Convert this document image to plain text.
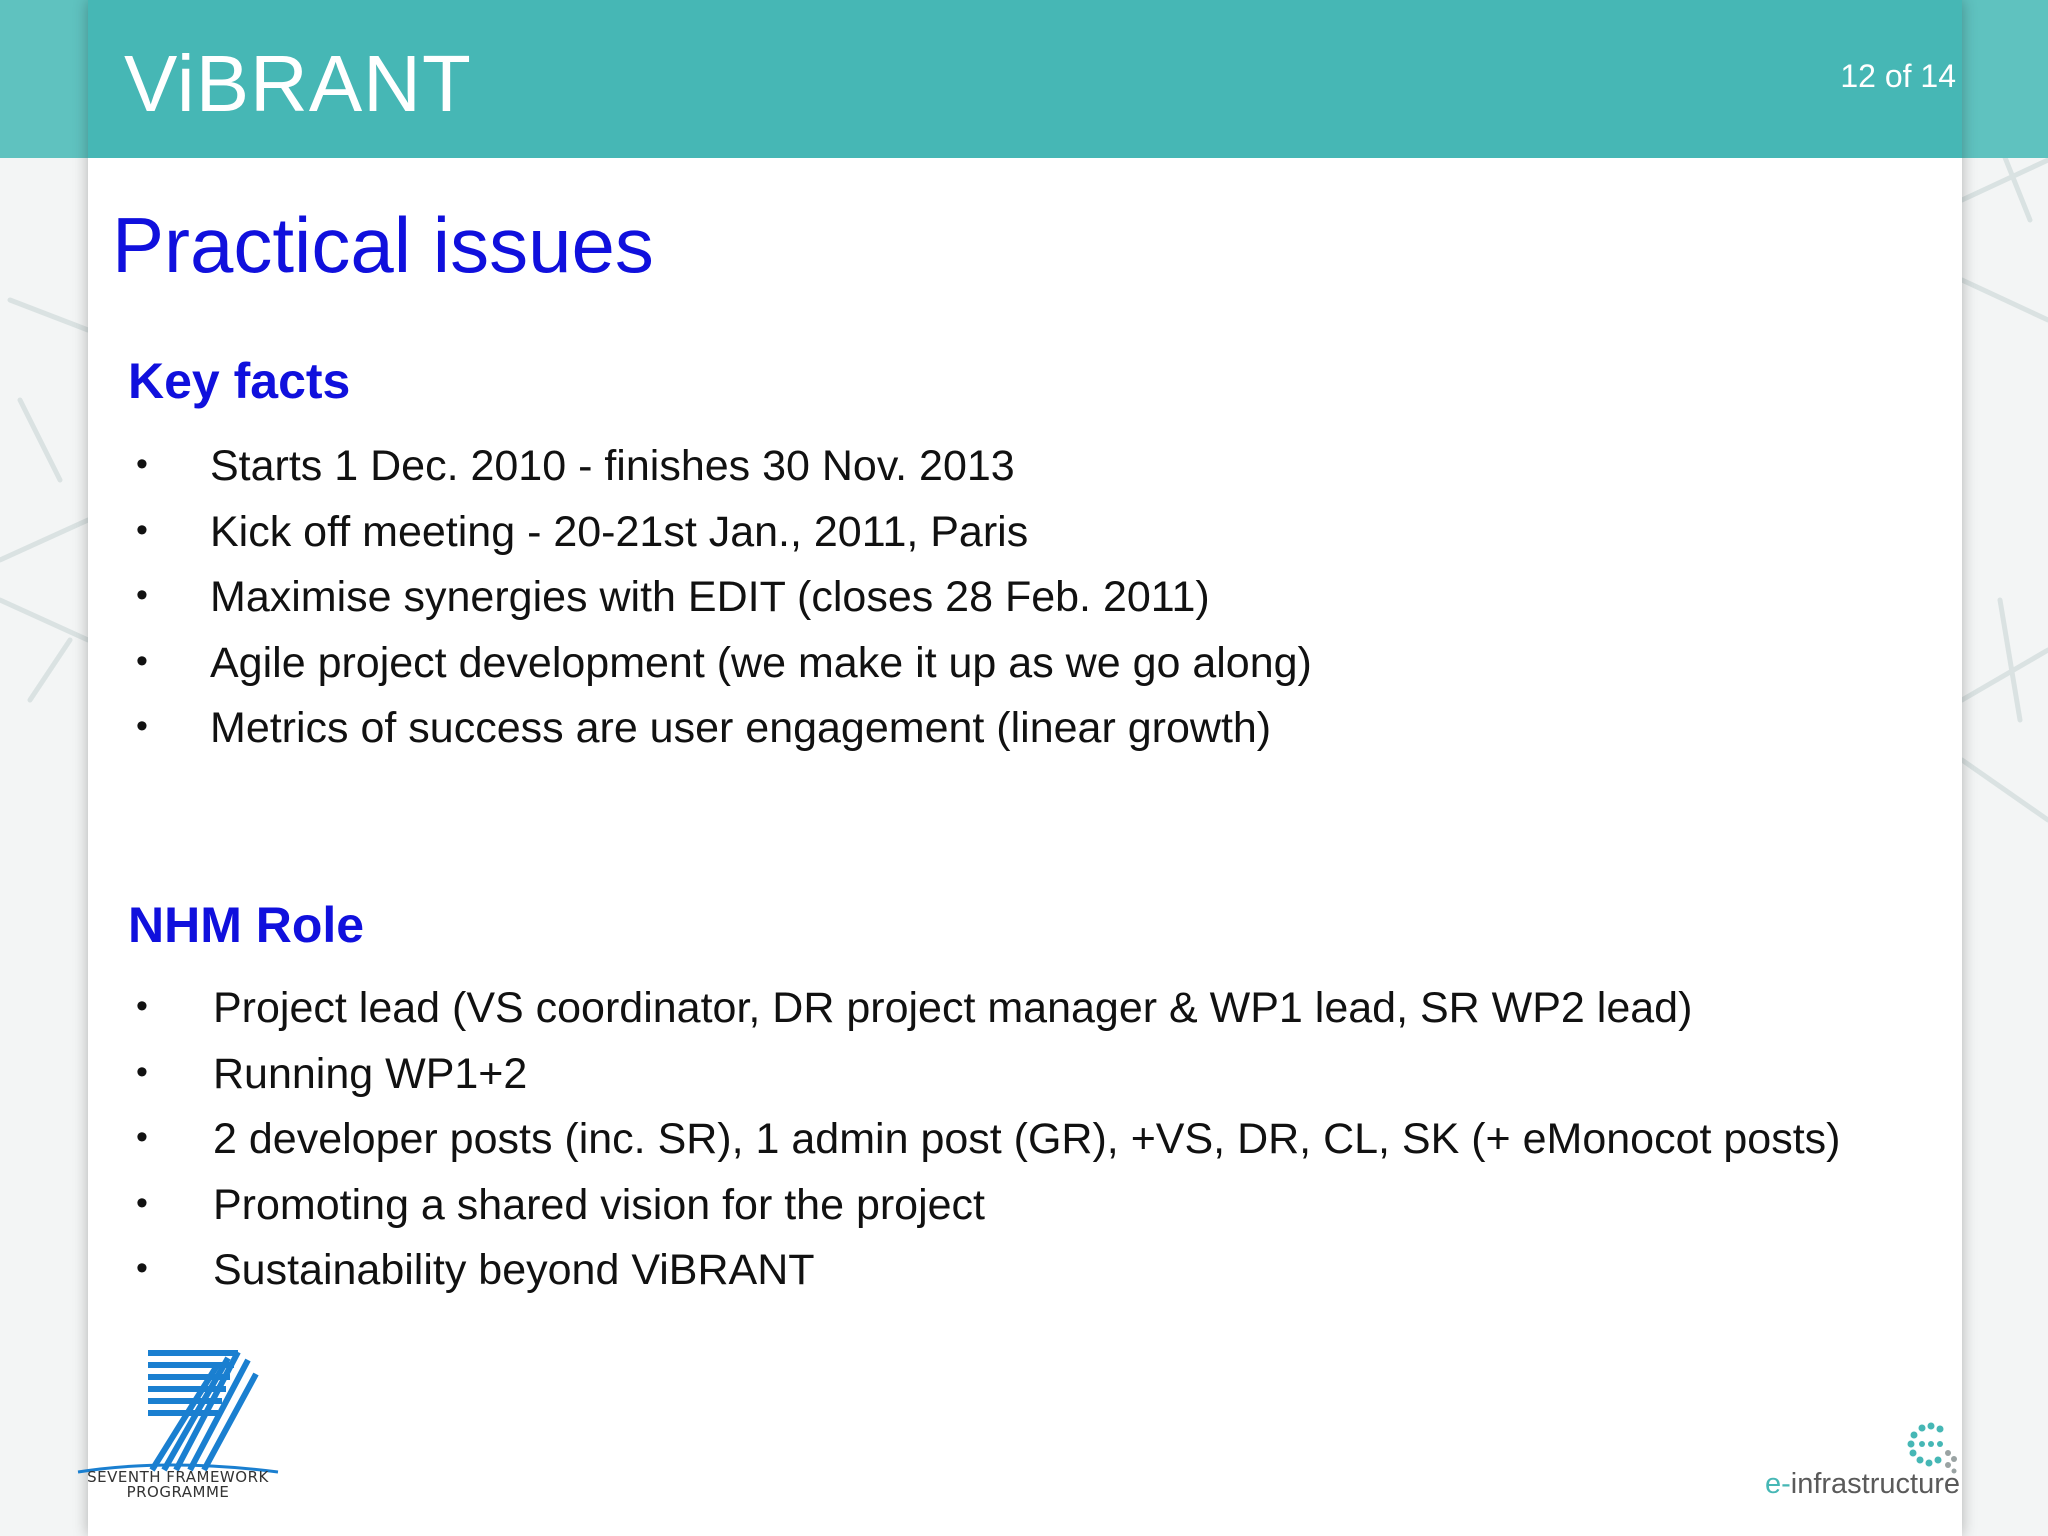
ViBRANT	12 of 14
Practical issues
Key facts
• Starts 1 Dec. 2010 - finishes 30 Nov. 2013
• Kick off meeting - 20-21st Jan., 2011, Paris
• Maximise synergies with EDIT (closes 28 Feb. 2011)
• Agile project development (we make it up as we go along)
• Metrics of success are user engagement (linear growth)
NHM Role
• Project lead (VS coordinator, DR project manager & WP1 lead, SR WP2 lead)
• Running WP1+2
• 2 developer posts (inc. SR), 1 admin post (GR), +VS, DR, CL, SK (+ eMonocot posts)
• Promoting a shared vision for the project
• Sustainability beyond ViBRANT
SEVENTH FRAMEWORK
PROGRAMME	e-infrastructure
